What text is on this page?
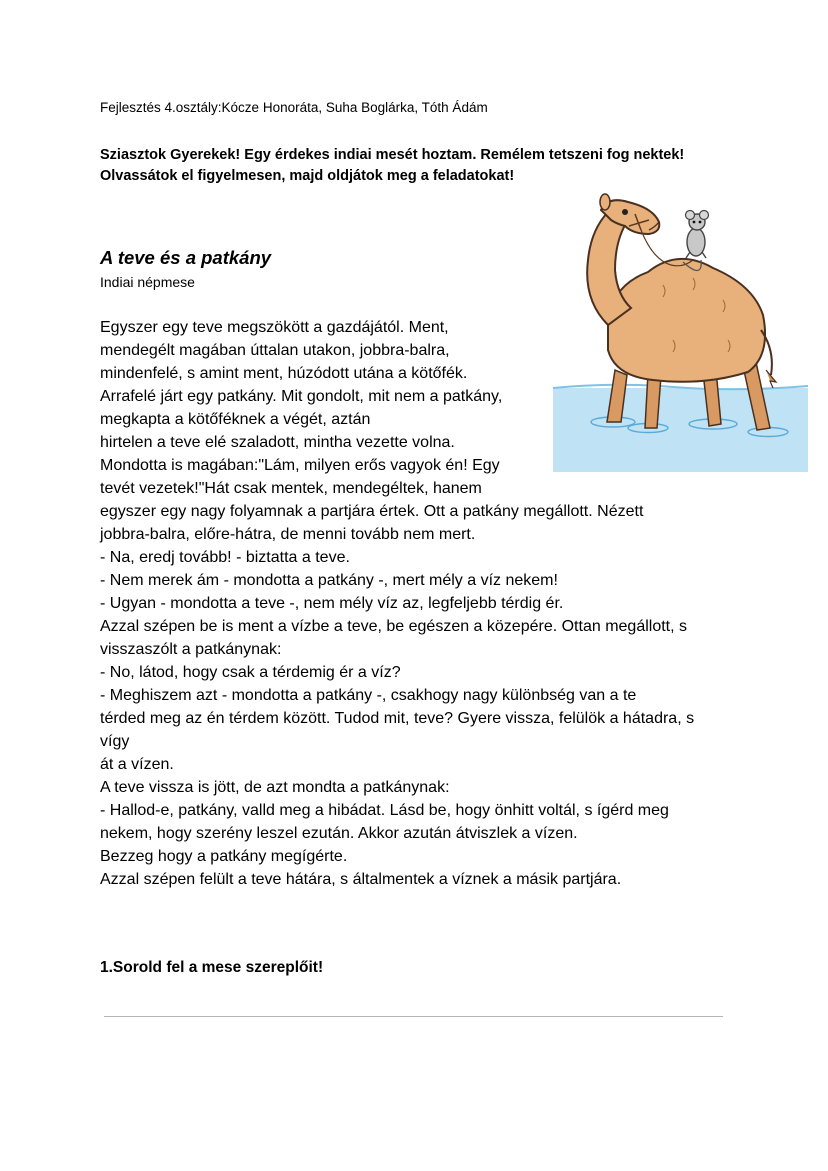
Fejlesztés 4.osztály:Kócze Honoráta, Suha Boglárka, Tóth Ádám
Sziasztok Gyerekek! Egy érdekes indiai mesét hoztam. Remélem tetszeni fog nektek!
Olvassátok el figyelmesen, majd oldjátok meg a feladatokat!
A teve és a patkány
Indiai népmese
Egyszer egy teve megszökött a gazdájától. Ment,
mendegélt magában úttalan utakon, jobbra-balra,
mindenfelé, s amint ment, húzódott utána a kötőfék.
Arrafelé járt egy patkány. Mit gondolt, mit nem a patkány,
megkapta a kötőféknek a végét, aztán
hirtelen a teve elé szaladott, mintha vezette volna.
Mondotta is magában:"Lám, milyen erős vagyok én! Egy
tevét vezetek!"Hát csak mentek, mendegéltek, hanem
egyszer egy nagy folyamnak a partjára értek. Ott a patkány megállott. Nézett
jobbra-balra, előre-hátra, de menni tovább nem mert.
- Na, eredj tovább! - biztatta a teve.
- Nem merek ám - mondotta a patkány -, mert mély a víz nekem!
- Ugyan - mondotta a teve -, nem mély víz az, legfeljebb térdig ér.
Azzal szépen be is ment a vízbe a teve, be egészen a közepére. Ottan megállott, s
visszaszólt a patkánynak:
- No, látod, hogy csak a térdemig ér a víz?
- Meghiszem azt - mondotta a patkány -, csakhogy nagy különbség van a te
térded meg az én térdem között. Tudod mit, teve? Gyere vissza, felülök a hátadra, s
vígy
át a vízen.
A teve vissza is jött, de azt mondta a patkánynak:
- Hallod-e, patkány, valld meg a hibádat. Lásd be, hogy önhitt voltál, s ígérd meg
nekem, hogy szerény leszel ezután. Akkor azután átviszlek a vízen.
Bezzeg hogy a patkány megígérte.
Azzal szépen felült a teve hátára, s általmentek a víznek a másik partjára.
1.Sorold fel a mese szereplőit!
